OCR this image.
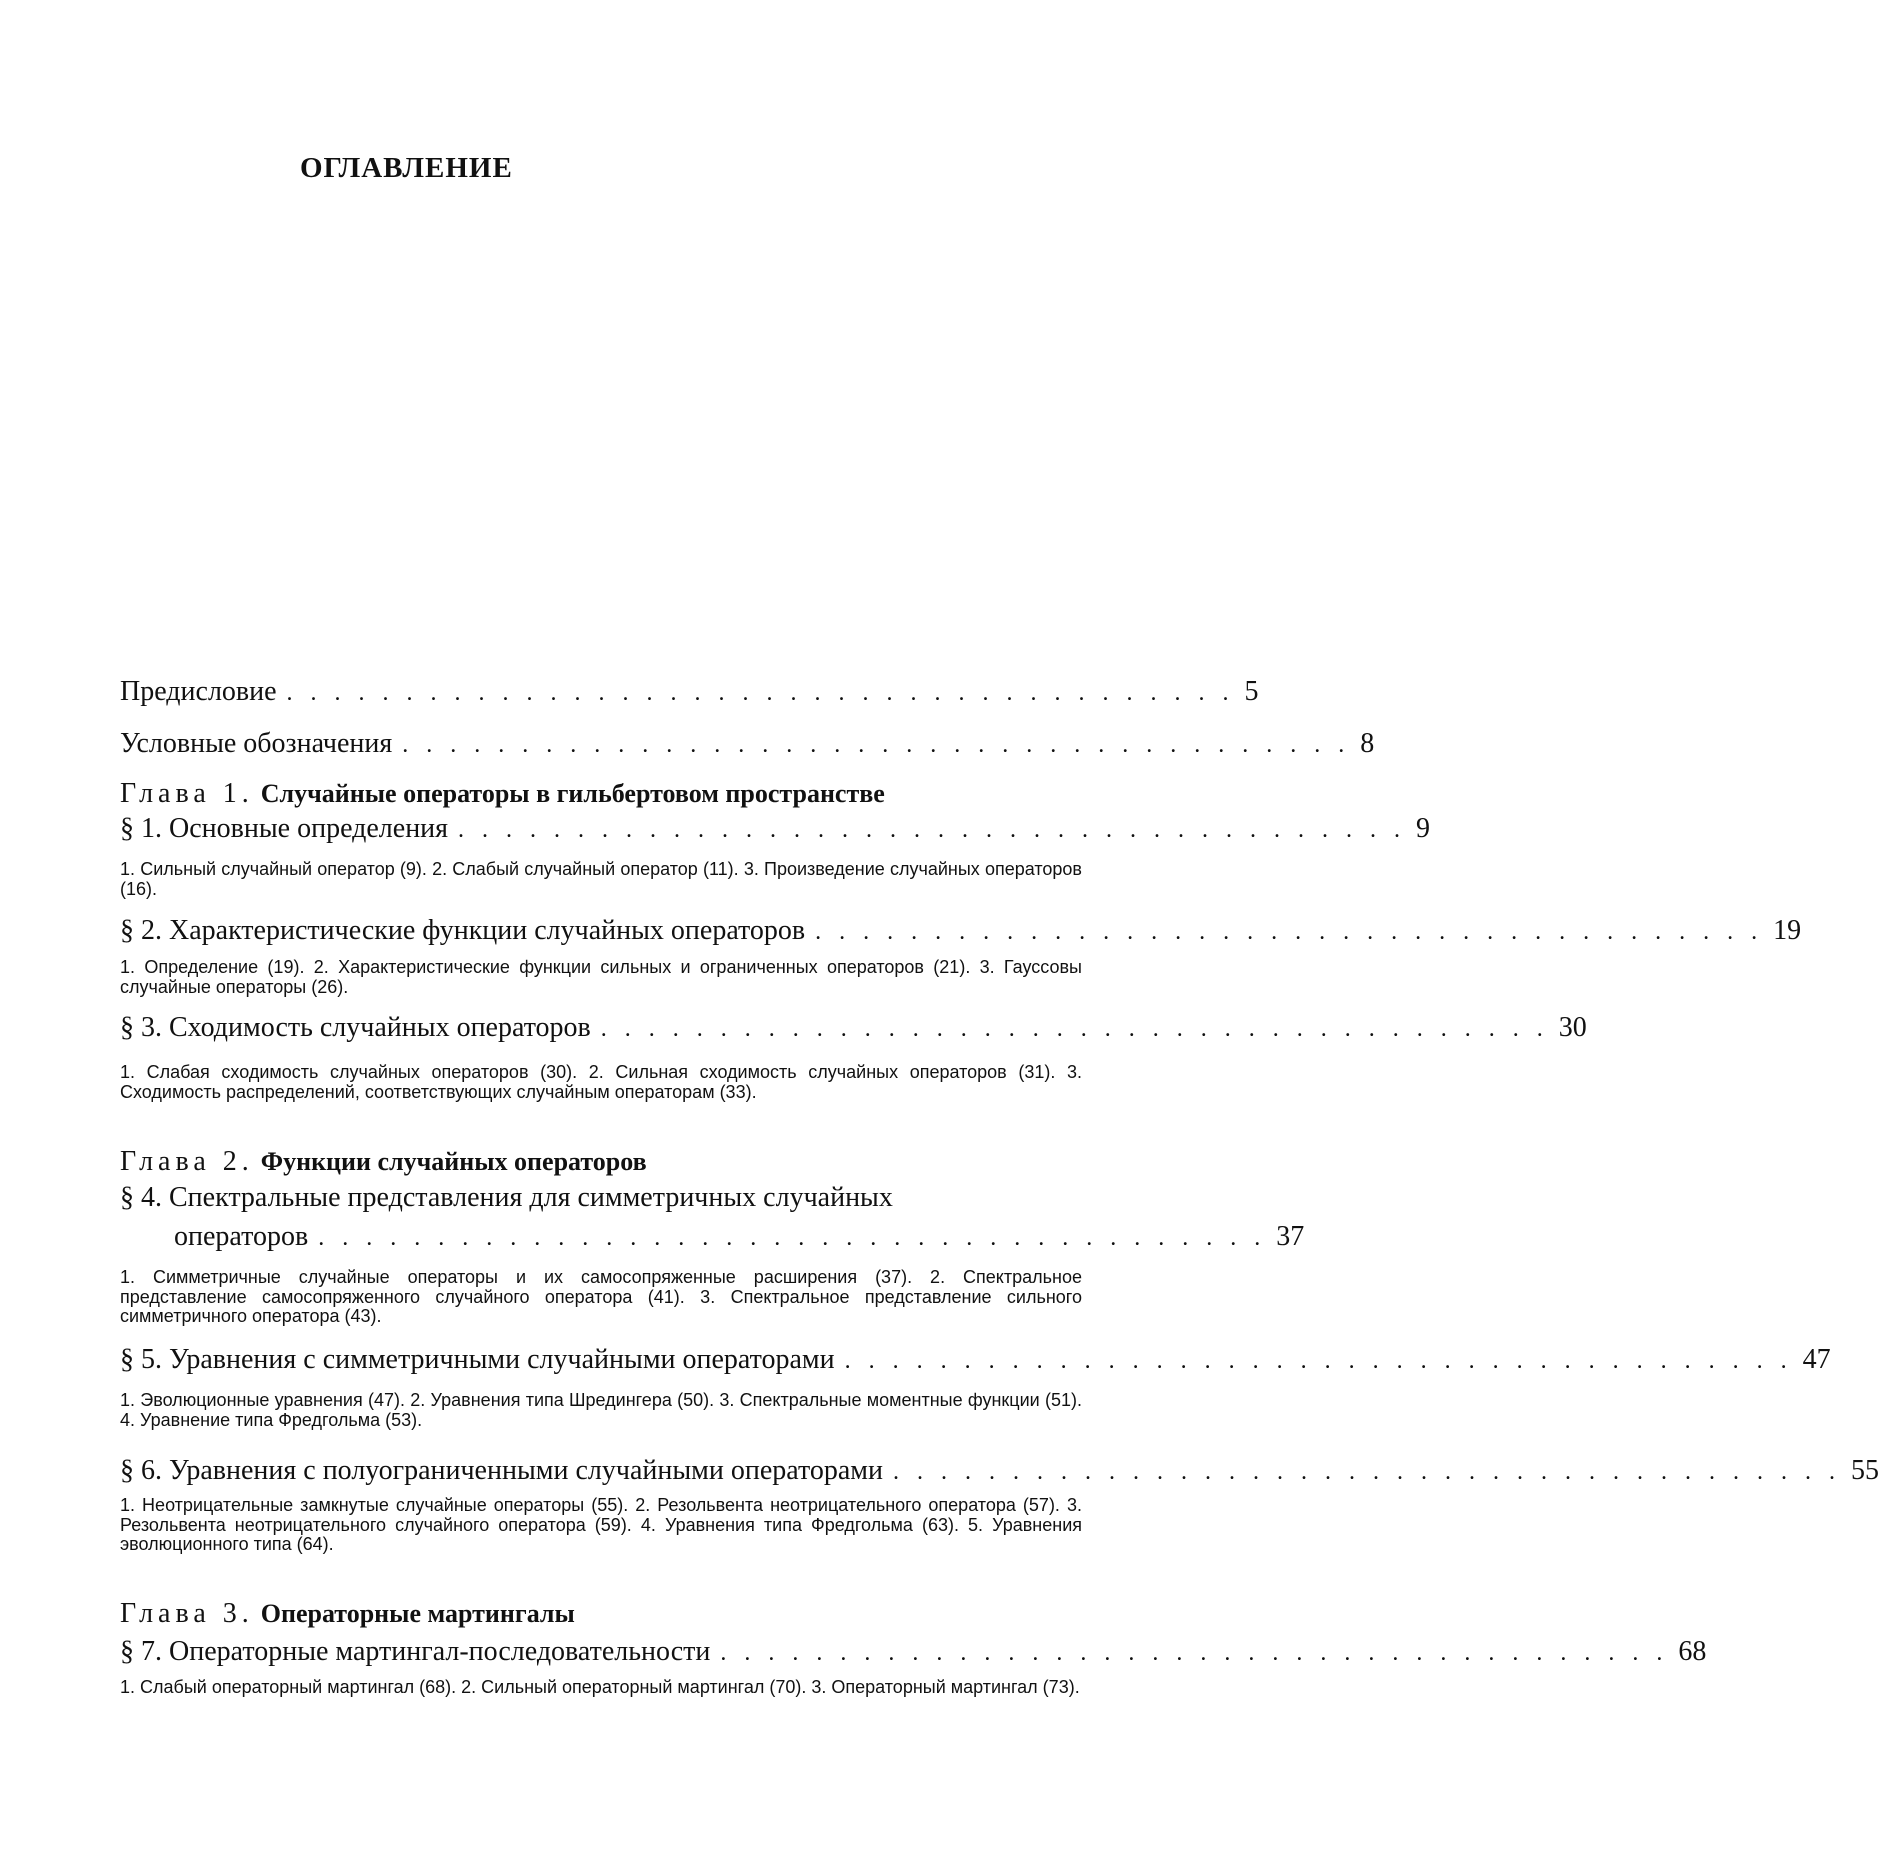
ОГЛАВЛЕНИЕ
Предисловие . . . . . . . . . . . . . . . . . . . . . . . . . . . . . . . . . . . . . . . . 5
Условные обозначения . . . . . . . . . . . . . . . . . . . . . . . . . . . . . . . . . . . . . . . . 8
Глава 1. Случайные операторы в гильбертовом пространстве
§ 1. Основные определения . . . . . . . . . . . . . . . . . . . . . . . . . . . . . . . . . . . . . . . . 9
1. Сильный случайный оператор (9). 2. Слабый случайный оператор (11). 3. Произведение случайных операторов (16).
§ 2. Характеристические функции случайных операторов . . . . . . . . . . . . . . . . . . . . . . . . . . . . . . . . . . . . . . . . 19
1. Определение (19). 2. Характеристические функции сильных и ограниченных операторов (21). 3. Гауссовы случайные операторы (26).
§ 3. Сходимость случайных операторов . . . . . . . . . . . . . . . . . . . . . . . . . . . . . . . . . . . . . . . . 30
1. Слабая сходимость случайных операторов (30). 2. Сильная сходимость случайных операторов (31). 3. Сходимость распределений, соответствующих случайным операторам (33).
Глава 2. Функции случайных операторов
§ 4. Спектральные представления для симметричных случайных
операторов . . . . . . . . . . . . . . . . . . . . . . . . . . . . . . . . . . . . . . . . 37
1. Симметричные случайные операторы и их самосопряженные расширения (37). 2. Спектральное представление самосопряженного случайного оператора (41). 3. Спектральное представление сильного симметричного оператора (43).
§ 5. Уравнения с симметричными случайными операторами . . . . . . . . . . . . . . . . . . . . . . . . . . . . . . . . . . . . . . . . 47
1. Эволюционные уравнения (47). 2. Уравнения типа Шредингера (50). 3. Спектральные моментные функции (51). 4. Уравнение типа Фредгольма (53).
§ 6. Уравнения с полуограниченными случайными операторами . . . . . . . . . . . . . . . . . . . . . . . . . . . . . . . . . . . . . . . . 55
1. Неотрицательные замкнутые случайные операторы (55). 2. Резольвента неотрицательного оператора (57). 3. Резольвента неотрицательного случайного оператора (59). 4. Уравнения типа Фредгольма (63). 5. Уравнения эволюционного типа (64).
Глава 3. Операторные мартингалы
§ 7. Операторные мартингал-последовательности . . . . . . . . . . . . . . . . . . . . . . . . . . . . . . . . . . . . . . . . 68
1. Слабый операторный мартингал (68). 2. Сильный операторный мартингал (70). 3. Операторный мартингал (73).
